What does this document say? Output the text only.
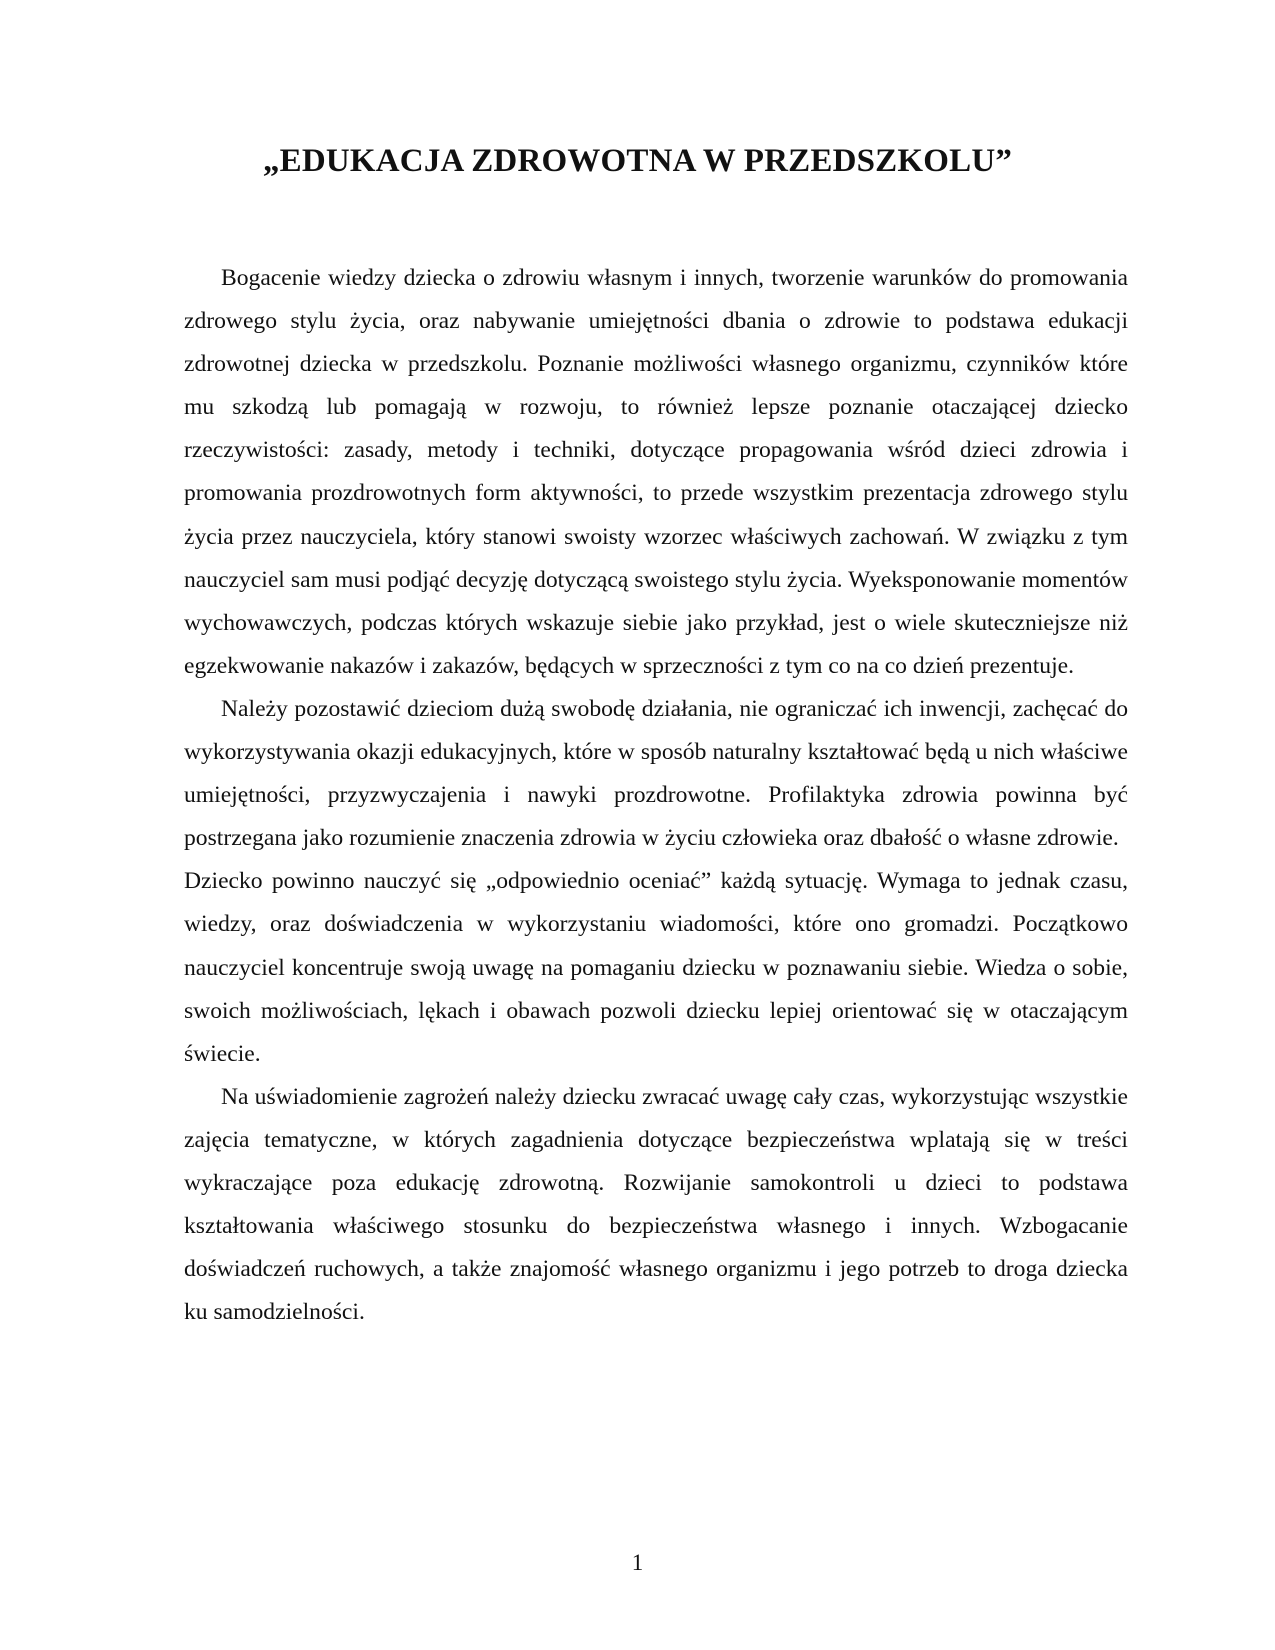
„EDUKACJA ZDROWOTNA W PRZEDSZKOLU”

Bogacenie wiedzy dziecka o zdrowiu własnym i innych, tworzenie warunków do promowania zdrowego stylu życia, oraz nabywanie umiejętności dbania o zdrowie to podstawa edukacji zdrowotnej dziecka w przedszkolu. Poznanie możliwości własnego organizmu, czynników które mu szkodzą lub pomagają w rozwoju, to również lepsze poznanie otaczającej dziecko rzeczywistości: zasady, metody i techniki, dotyczące propagowania wśród dzieci zdrowia i promowania prozdrowotnych form aktywności, to przede wszystkim prezentacja zdrowego stylu życia przez nauczyciela, który stanowi swoisty wzorzec właściwych zachowań. W związku z tym nauczyciel sam musi podjąć decyzję dotyczącą swoistego stylu życia. Wyeksponowanie momentów wychowawczych, podczas których wskazuje siebie jako przykład, jest o wiele skuteczniejsze niż egzekwowanie nakazów i zakazów, będących w sprzeczności z tym co na co dzień prezentuje.

Należy pozostawić dzieciom dużą swobodę działania, nie ograniczać ich inwencji, zachęcać do wykorzystywania okazji edukacyjnych, które w sposób naturalny kształtować będą u nich właściwe umiejętności, przyzwyczajenia i nawyki prozdrowotne. Profilaktyka zdrowia powinna być postrzegana jako rozumienie znaczenia zdrowia w życiu człowieka oraz dbałość o własne zdrowie.

Dziecko powinno nauczyć się „odpowiednio oceniać” każdą sytuację. Wymaga to jednak czasu, wiedzy, oraz doświadczenia w wykorzystaniu wiadomości, które ono gromadzi. Początkowo nauczyciel koncentruje swoją uwagę na pomaganiu dziecku w poznawaniu siebie. Wiedza o sobie, swoich możliwościach, lękach i obawach pozwoli dziecku lepiej orientować się w otaczającym świecie.

Na uświadomienie zagrożeń należy dziecku zwracać uwagę cały czas, wykorzystując wszystkie zajęcia tematyczne, w których zagadnienia dotyczące bezpieczeństwa wplatają się w treści wykraczające poza edukację zdrowotną. Rozwijanie samokontroli u dzieci to podstawa kształtowania właściwego stosunku do bezpieczeństwa własnego i innych. Wzbogacanie doświadczeń ruchowych, a także znajomość własnego organizmu i jego potrzeb to droga dziecka ku samodzielności.

1
